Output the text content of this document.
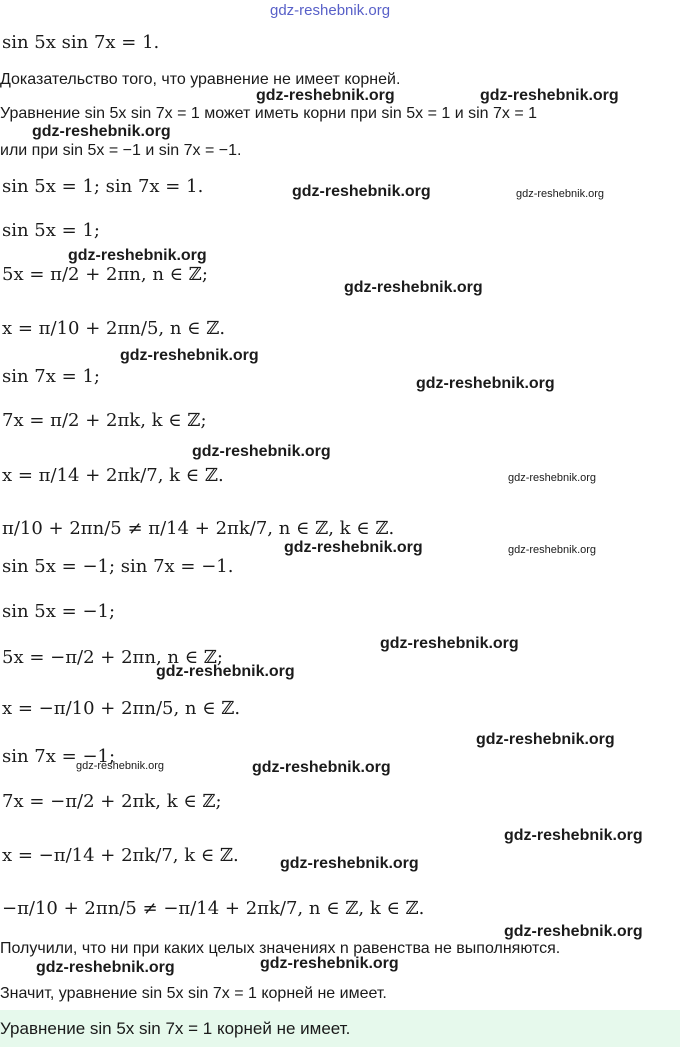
gdz-reshebnik.org
sin 5x sin 7x = 1.
Доказательство того, что уравнение не имеет корней.
Уравнение sin 5x sin 7x = 1 может иметь корни при sin 5x = 1 и sin 7x = 1
или при sin 5x = −1 и sin 7x = −1.
sin 5x = 1; sin 7x = 1.
sin 5x = 1;
5x = π/2 + 2πn, n ∈ ℤ;
x = π/10 + 2πn/5, n ∈ ℤ.
sin 7x = 1;
7x = π/2 + 2πk, k ∈ ℤ;
x = π/14 + 2πk/7, k ∈ ℤ.
π/10 + 2πn/5 ≠ π/14 + 2πk/7, n ∈ ℤ, k ∈ ℤ.
sin 5x = −1; sin 7x = −1.
sin 5x = −1;
5x = −π/2 + 2πn, n ∈ ℤ;
x = −π/10 + 2πn/5, n ∈ ℤ.
sin 7x = −1;
7x = −π/2 + 2πk, k ∈ ℤ;
x = −π/14 + 2πk/7, k ∈ ℤ.
−π/10 + 2πn/5 ≠ −π/14 + 2πk/7, n ∈ ℤ, k ∈ ℤ.
Получили, что ни при каких целых значениях n равенства не выполняются.
Значит, уравнение sin 5x sin 7x = 1 корней не имеет.
Уравнение sin 5x sin 7x = 1 корней не имеет.
gdz-reshebnik.org	gdz-reshebnik.org
gdz-reshebnik.org
gdz-reshebnik.org	gdz-reshebnik.org
gdz-reshebnik.org
gdz-reshebnik.org
gdz-reshebnik.org
gdz-reshebnik.org
gdz-reshebnik.org
gdz-reshebnik.org
gdz-reshebnik.org	gdz-reshebnik.org
gdz-reshebnik.org
gdz-reshebnik.org
gdz-reshebnik.org
gdz-reshebnik.org	gdz-reshebnik.org
gdz-reshebnik.org
gdz-reshebnik.org
gdz-reshebnik.org
gdz-reshebnik.org	gdz-reshebnik.org
